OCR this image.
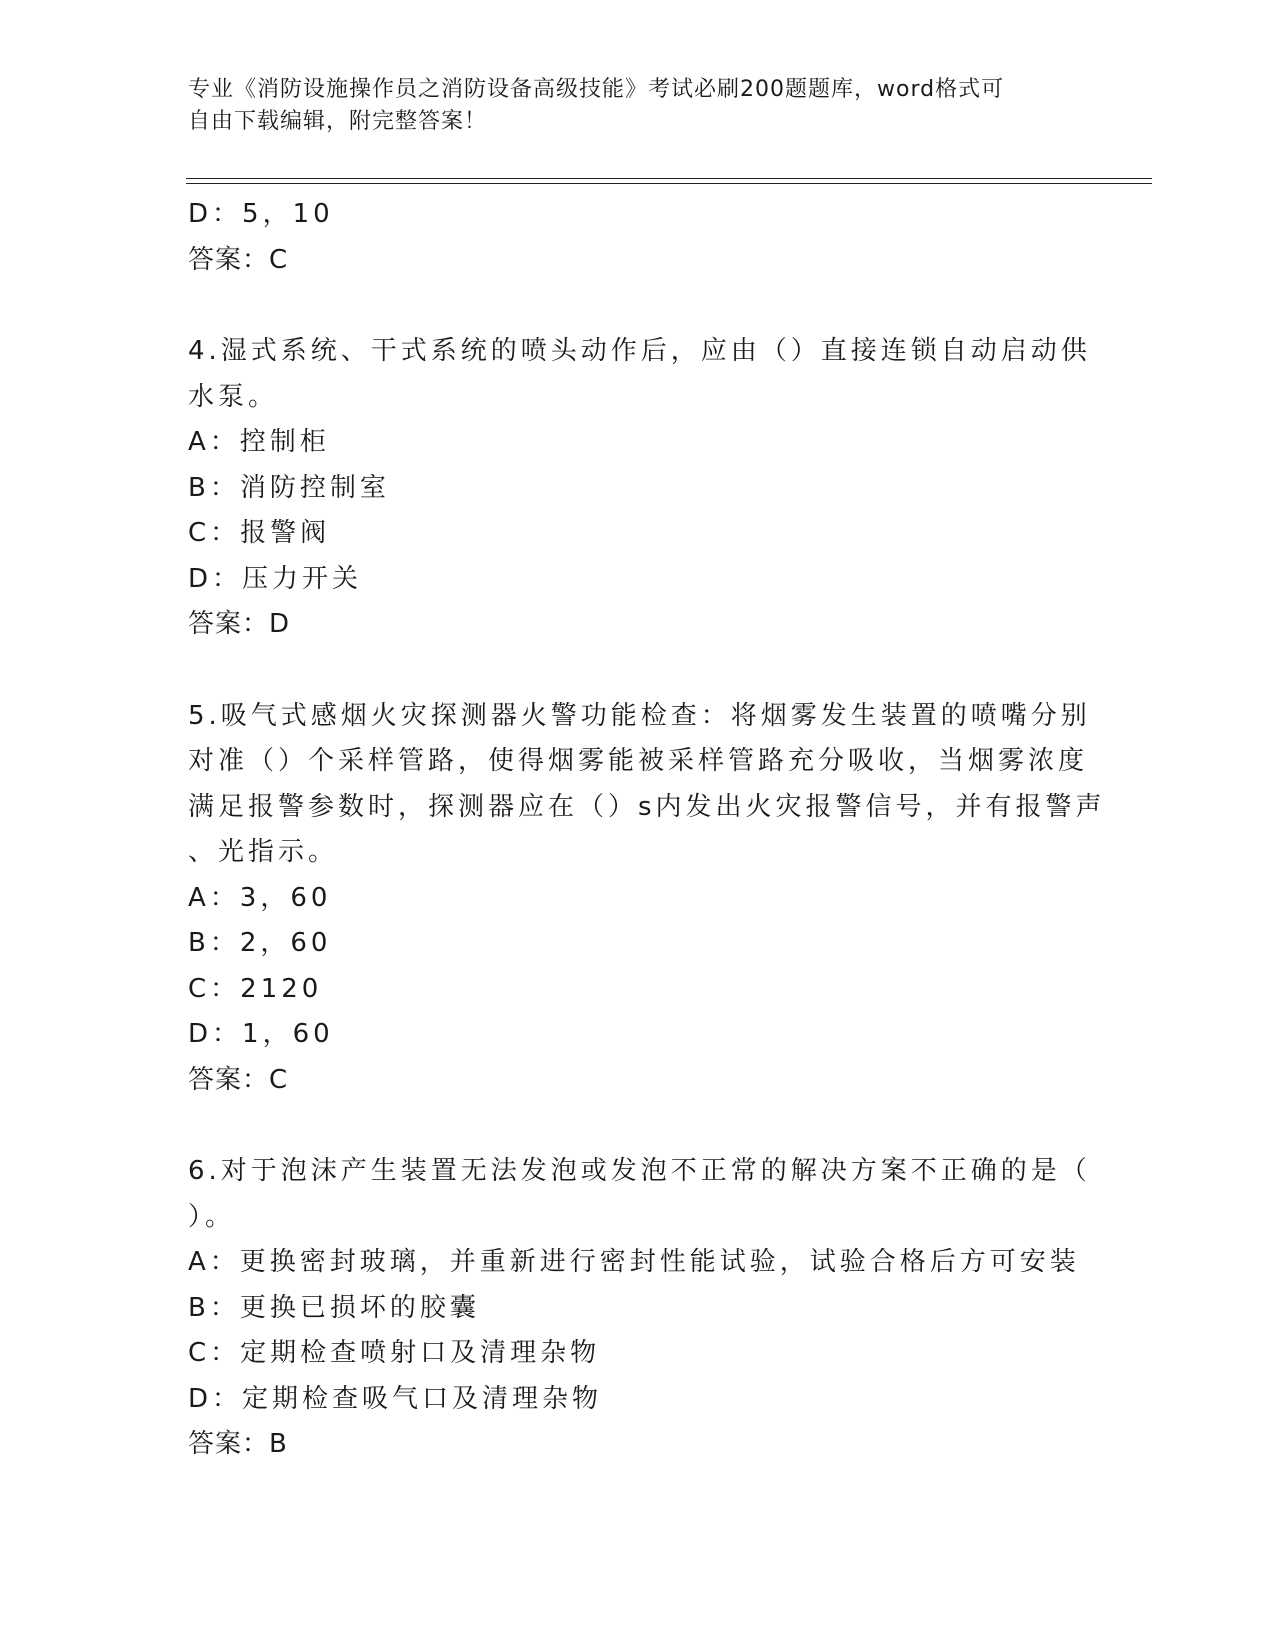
专业《消防设施操作员之消防设备高级技能》考试必刷200题题库，word格式可
自由下载编辑，附完整答案！
D：5，10
答案：C
4.湿式系统、干式系统的喷头动作后，应由（）直接连锁自动启动供
水泵。
A：控制柜
B：消防控制室
C：报警阀
D：压力开关
答案：D
5.吸气式感烟火灾探测器火警功能检查：将烟雾发生装置的喷嘴分别
对准（）个采样管路，使得烟雾能被采样管路充分吸收，当烟雾浓度
满足报警参数时，探测器应在（）s内发出火灾报警信号，并有报警声
、光指示。
A：3，60
B：2，60
C：2120
D：1，60
答案：C
6.对于泡沫产生装置无法发泡或发泡不正常的解决方案不正确的是（
）。
A：更换密封玻璃，并重新进行密封性能试验，试验合格后方可安装
B：更换已损坏的胶囊
C：定期检查喷射口及清理杂物
D：定期检查吸气口及清理杂物
答案：B
